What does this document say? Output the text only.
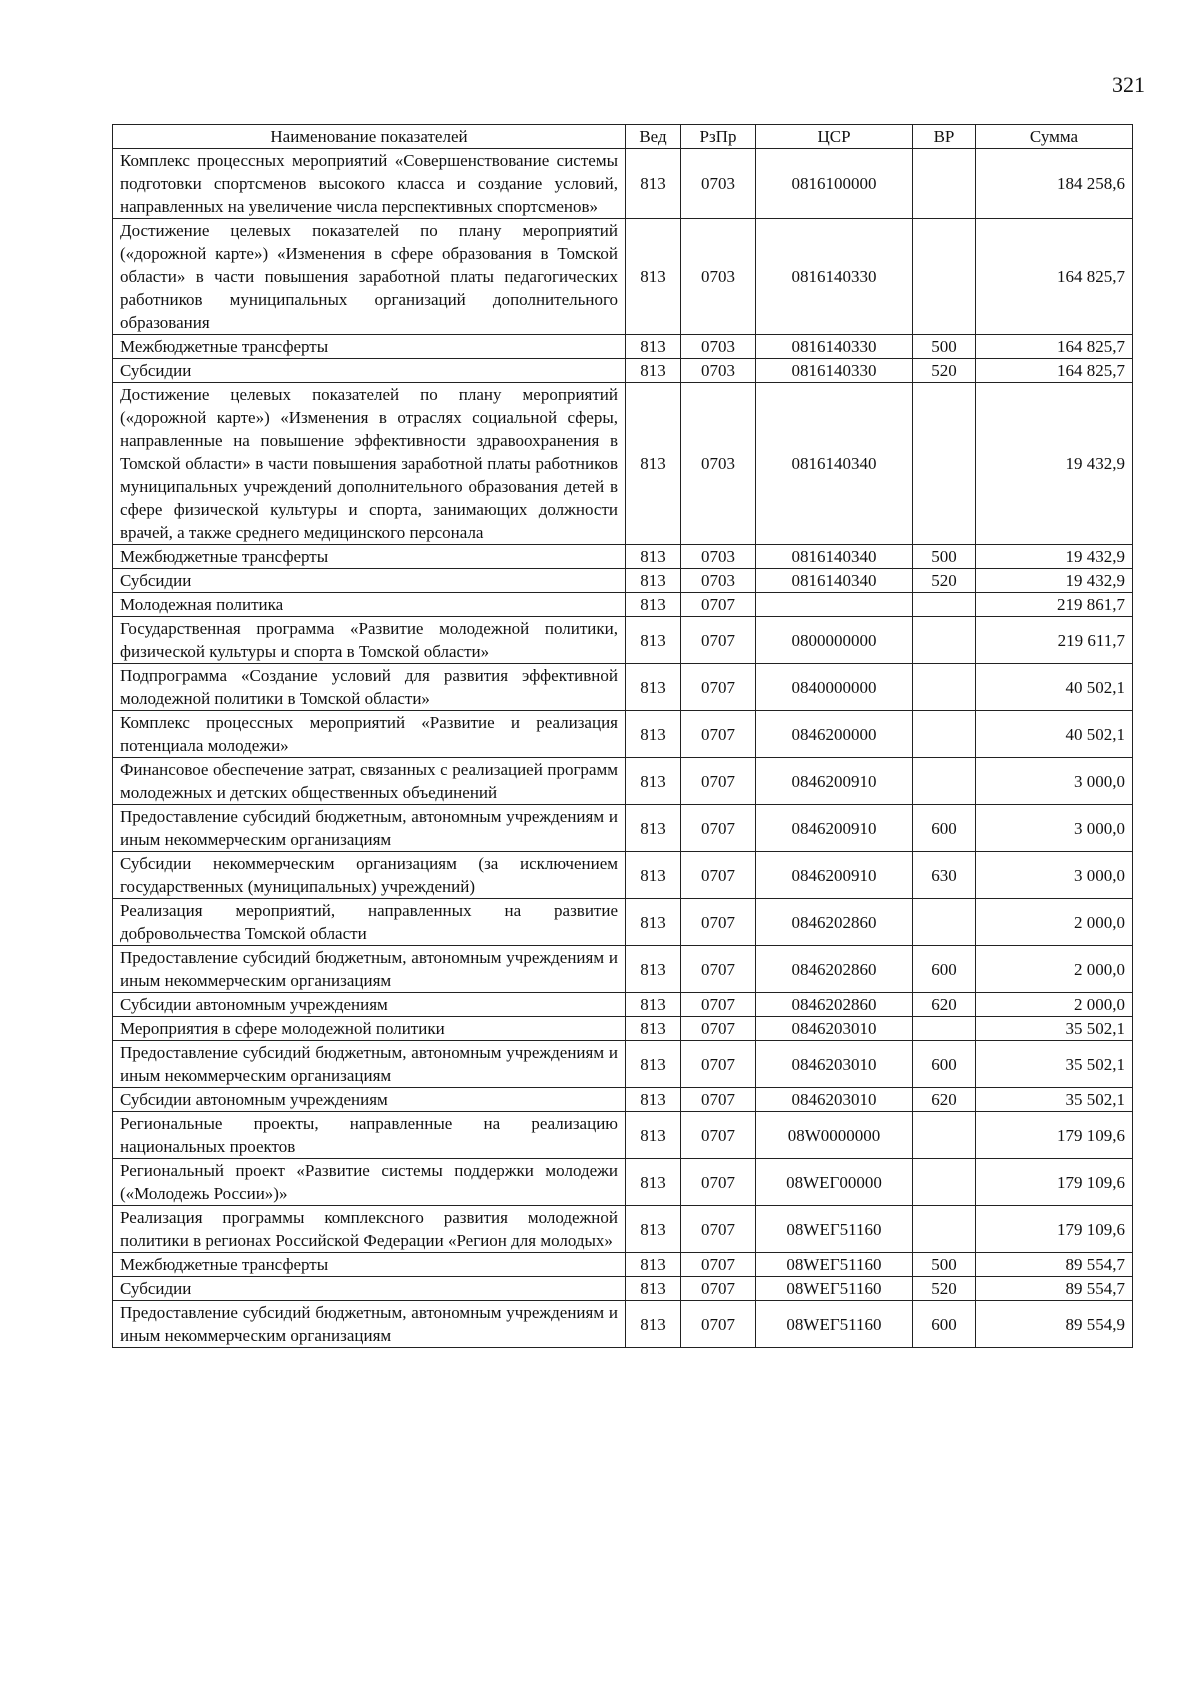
321
Наименование показателей	Вед	РзПр	ЦСР	ВР	Сумма
Комплекс процессных мероприятий «Совершенствование системы подготовки спортсменов высокого класса и создание условий, направленных на увеличение числа перспективных спортсменов»	813	0703	0816100000		184 258,6
Достижение целевых показателей по плану мероприятий («дорожной карте») «Изменения в сфере образования в Томской области» в части повышения заработной платы педагогических работников муниципальных организаций дополнительного образования	813	0703	0816140330		164 825,7
Межбюджетные трансферты	813	0703	0816140330	500	164 825,7
Субсидии	813	0703	0816140330	520	164 825,7
Достижение целевых показателей по плану мероприятий («дорожной карте») «Изменения в отраслях социальной сферы, направленные на повышение эффективности здравоохранения в Томской области» в части повышения заработной платы работников муниципальных учреждений дополнительного образования детей в сфере физической культуры и спорта, занимающих должности врачей, а также среднего медицинского персонала	813	0703	0816140340		19 432,9
Межбюджетные трансферты	813	0703	0816140340	500	19 432,9
Субсидии	813	0703	0816140340	520	19 432,9
Молодежная политика	813	0707			219 861,7
Государственная программа «Развитие молодежной политики, физической культуры и спорта в Томской области»	813	0707	0800000000		219 611,7
Подпрограмма «Создание условий для развития эффективной молодежной политики в Томской области»	813	0707	0840000000		40 502,1
Комплекс процессных мероприятий «Развитие и реализация потенциала молодежи»	813	0707	0846200000		40 502,1
Финансовое обеспечение затрат, связанных с реализацией программ молодежных и детских общественных объединений	813	0707	0846200910		3 000,0
Предоставление субсидий бюджетным, автономным учреждениям и иным некоммерческим организациям	813	0707	0846200910	600	3 000,0
Субсидии некоммерческим организациям (за исключением государственных (муниципальных) учреждений)	813	0707	0846200910	630	3 000,0
Реализация мероприятий, направленных на развитие добровольчества Томской области	813	0707	0846202860		2 000,0
Предоставление субсидий бюджетным, автономным учреждениям и иным некоммерческим организациям	813	0707	0846202860	600	2 000,0
Субсидии автономным учреждениям	813	0707	0846202860	620	2 000,0
Мероприятия в сфере молодежной политики	813	0707	0846203010		35 502,1
Предоставление субсидий бюджетным, автономным учреждениям и иным некоммерческим организациям	813	0707	0846203010	600	35 502,1
Субсидии автономным учреждениям	813	0707	0846203010	620	35 502,1
Региональные проекты, направленные на реализацию национальных проектов	813	0707	08W0000000		179 109,6
Региональный проект «Развитие системы поддержки молодежи («Молодежь России»)»	813	0707	08WЕГ00000		179 109,6
Реализация программы комплексного развития молодежной политики в регионах Российской Федерации «Регион для молодых»	813	0707	08WЕГ51160		179 109,6
Межбюджетные трансферты	813	0707	08WЕГ51160	500	89 554,7
Субсидии	813	0707	08WЕГ51160	520	89 554,7
Предоставление субсидий бюджетным, автономным учреждениям и иным некоммерческим организациям	813	0707	08WЕГ51160	600	89 554,9
